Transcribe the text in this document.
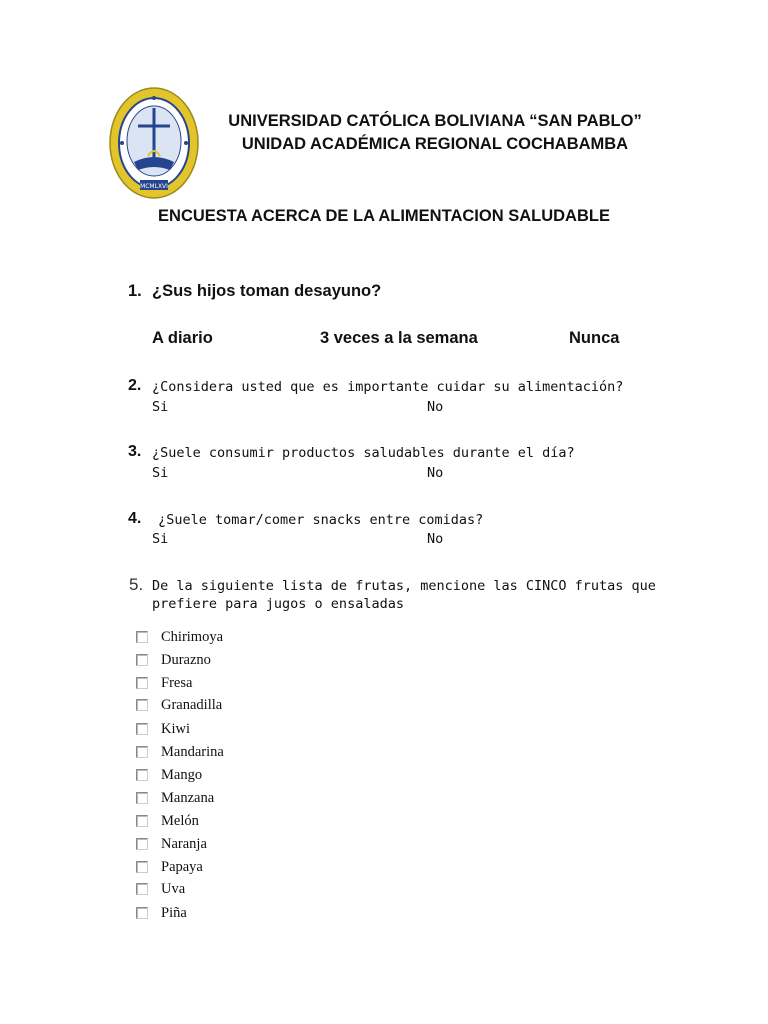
MCMLXVI
UNIVERSIDAD CATÓLICA BOLIVIANA “SAN PABLO”
UNIDAD ACADÉMICA REGIONAL COCHABAMBA
ENCUESTA ACERCA DE LA ALIMENTACION SALUDABLE
1. ¿Sus hijos toman desayuno?
A diario	3 veces a la semana	Nunca
2. ¿Considera usted que es importante cuidar su alimentación?
Si	No
3. ¿Suele consumir productos saludables durante el día?
Si	No
4. ¿Suele tomar/comer snacks entre comidas?
Si	No
5. De la siguiente lista de frutas, mencione las CINCO frutas que
prefiere para jugos o ensaladas
Chirimoya
Durazno
Fresa
Granadilla
Kiwi
Mandarina
Mango
Manzana
Melón
Naranja
Papaya
Uva
Piña
